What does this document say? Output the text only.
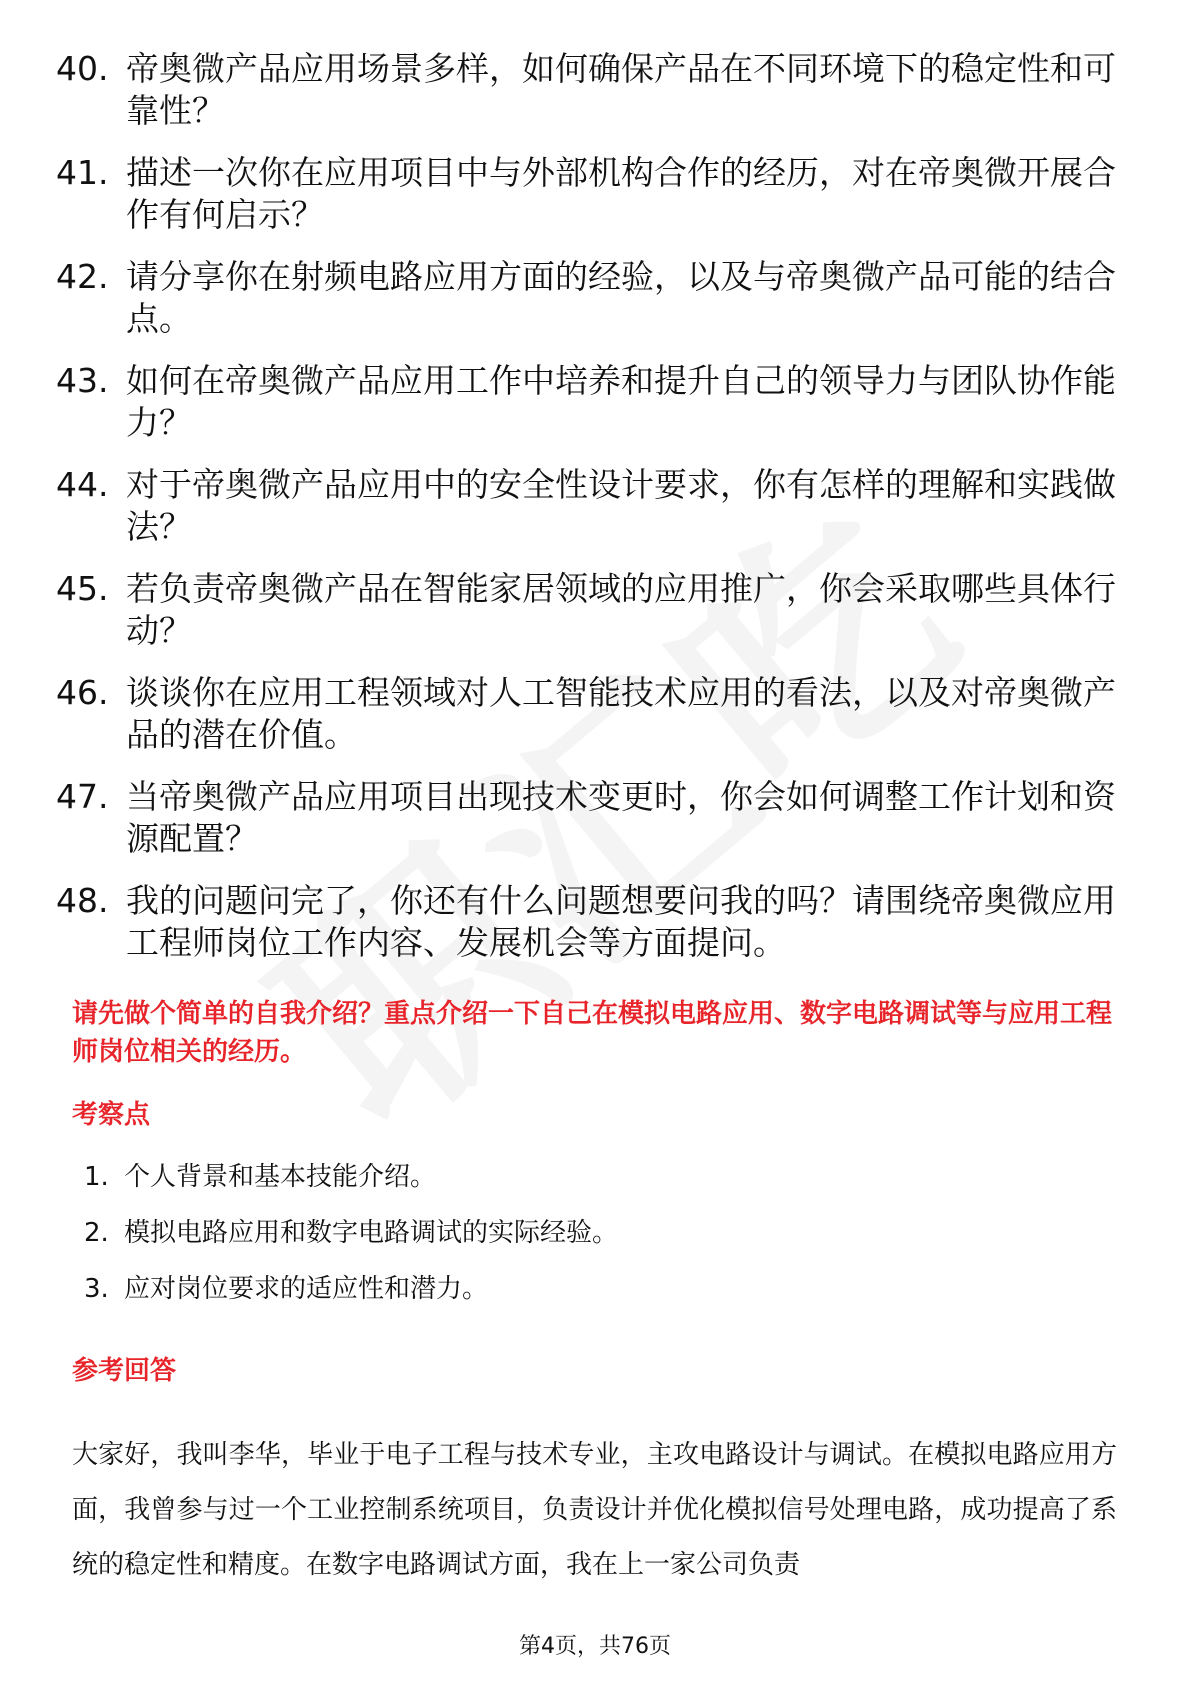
40. 帝奥微产品应用场景多样，如何确保产品在不同环境下的稳定性和可靠性？
41. 描述一次你在应用项目中与外部机构合作的经历，对在帝奥微开展合作有何启示？
42. 请分享你在射频电路应用方面的经验，以及与帝奥微产品可能的结合点。
43. 如何在帝奥微产品应用工作中培养和提升自己的领导力与团队协作能力？
44. 对于帝奥微产品应用中的安全性设计要求，你有怎样的理解和实践做法？
45. 若负责帝奥微产品在智能家居领域的应用推广，你会采取哪些具体行动？
46. 谈谈你在应用工程领域对人工智能技术应用的看法，以及对帝奥微产品的潜在价值。
47. 当帝奥微产品应用项目出现技术变更时，你会如何调整工作计划和资源配置？
48. 我的问题问完了，你还有什么问题想要问我的吗？请围绕帝奥微应用工程师岗位工作内容、发展机会等方面提问。
请先做个简单的自我介绍？重点介绍一下自己在模拟电路应用、数字电路调试等与应用工程师岗位相关的经历。
考察点
1. 个人背景和基本技能介绍。
2. 模拟电路应用和数字电路调试的实际经验。
3. 应对岗位要求的适应性和潜力。
参考回答
大家好，我叫李华，毕业于电子工程与技术专业，主攻电路设计与调试。在模拟电路应用方面，我曾参与过一个工业控制系统项目，负责设计并优化模拟信号处理电路，成功提高了系统的稳定性和精度。在数字电路调试方面，我在上一家公司负责
第4页，共76页
